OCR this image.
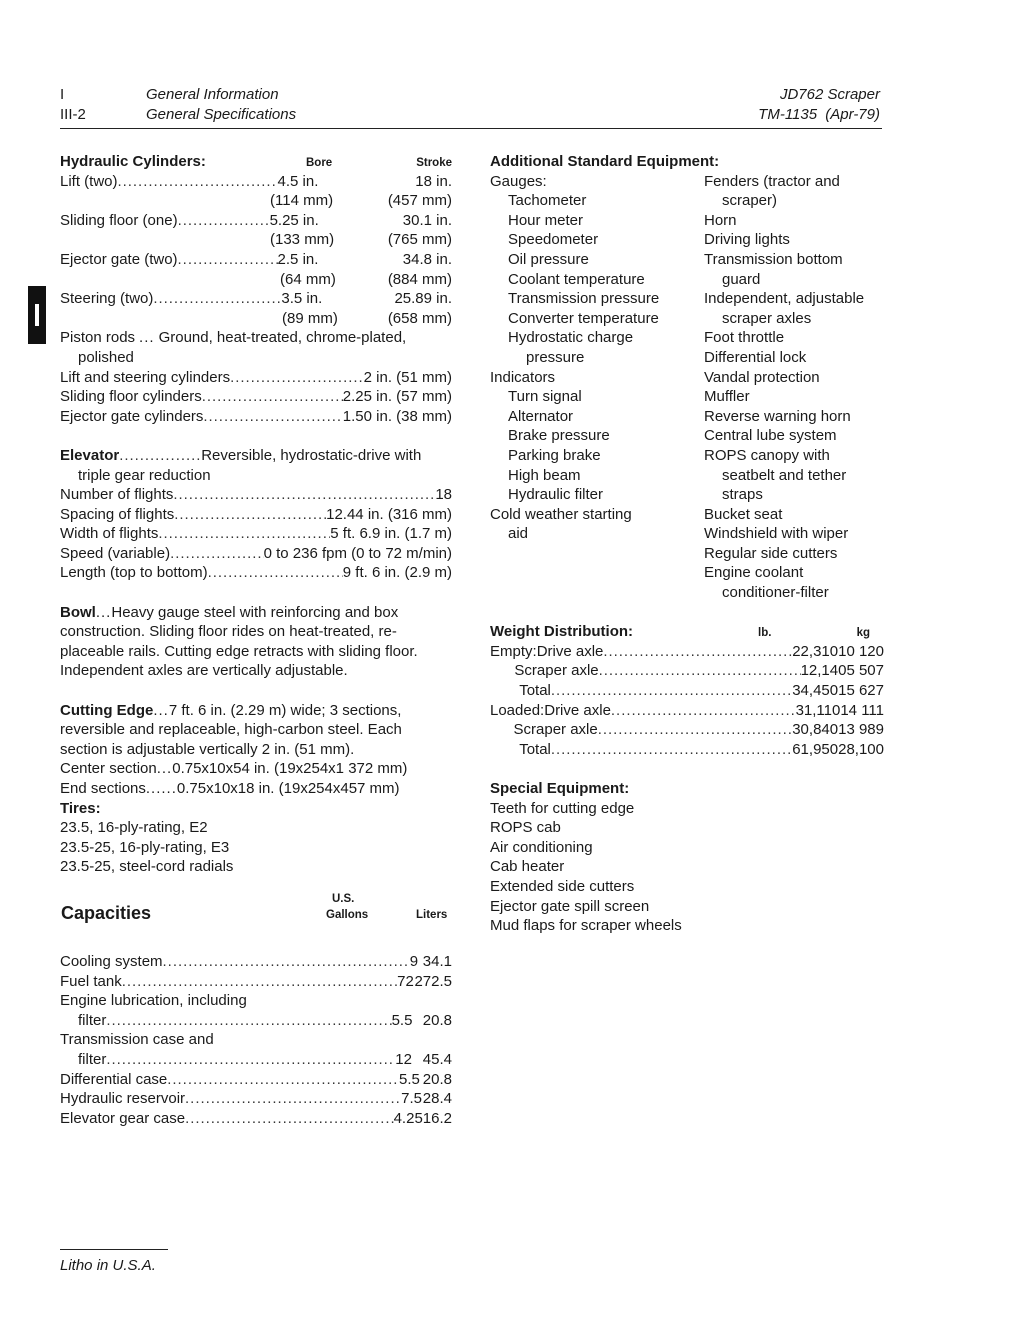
I	General Information
III-2	General Specifications
JD762 Scraper
TM-1135 (Apr-79)
Hydraulic Cylinders:	Bore	Stroke
Lift (two) . . .	4.5 in.	18 in.
(114 mm)	(457 mm)
Sliding floor (one) . . .	5.25 in.	30.1 in.
(133 mm)	(765 mm)
Ejector gate (two) . . .	2.5 in.	34.8 in.
(64 mm)	(884 mm)
Steering (two) . . .	3.5 in.	25.89 in.
(89 mm)	(658 mm)
Piston rods ... Ground, heat-treated, chrome-plated,
polished
Lift and steering cylinders . . .	2 in. (51 mm)
Sliding floor cylinders . . .	2.25 in. (57 mm)
Ejector gate cylinders . . .	1.50 in. (38 mm)
Elevator . . .	Reversible, hydrostatic-drive with
triple gear reduction
Number of flights . . .	18
Spacing of flights . . .	12.44 in. (316 mm)
Width of flights . . .	5 ft. 6.9 in. (1.7 m)
Speed (variable) . . .	0 to 236 fpm (0 to 72 m/min)
Length (top to bottom) . . .	9 ft. 6 in. (2.9 m)
Bowl ... Heavy gauge steel with reinforcing and box
construction. Sliding floor rides on heat-treated, re-
placeable rails. Cutting edge retracts with sliding floor.
Independent axles are vertically adjustable.
Cutting Edge ... 7 ft. 6 in. (2.29 m) wide; 3 sections,
reversible and replaceable, high-carbon steel. Each
section is adjustable vertically 2 in. (51 mm).
Center section ... 0.75x10x54 in. (19x254x1 372 mm)
End sections ...... 0.75x10x18 in. (19x254x457 mm)
Tires:
23.5, 16-ply-rating, E2
23.5-25, 16-ply-rating, E3
23.5-25, steel-cord radials
Capacities
U.S.
Gallons	Liters
Cooling system . . .	9 34.1
Fuel tank . . .	72 272.5
Engine lubrication, including
filter . . .	5.5 20.8
Transmission case and
filter . . .	12 45.4
Differential case . . .	5.5 20.8
Hydraulic reservoir . . .	7.5 28.4
Elevator gear case . . .	4.25 16.2
Additional Standard Equipment:
Gauges:
Tachometer
Hour meter
Speedometer
Oil pressure
Coolant temperature
Transmission pressure
Converter temperature
Hydrostatic charge
pressure
Indicators
Turn signal
Alternator
Brake pressure
Parking brake
High beam
Hydraulic filter
Cold weather starting
aid
Fenders (tractor and
scraper)
Horn
Driving lights
Transmission bottom
guard
Independent, adjustable
scraper axles
Foot throttle
Differential lock
Vandal protection
Muffler
Reverse warning horn
Central lube system
ROPS canopy with
seatbelt and tether
straps
Bucket seat
Windshield with wiper
Regular side cutters
Engine coolant
conditioner-filter
Weight Distribution:	lb.	kg
Empty: Drive axle . . .	22,310 10 120
Scraper axle . . .	12,140 5 507
Total . . .	34,450 15 627
Loaded: Drive axle . . .	31,110 14 111
Scraper axle . . .	30,840 13 989
Total . . .	61,950 28,100
Special Equipment:
Teeth for cutting edge
ROPS cab
Air conditioning
Cab heater
Extended side cutters
Ejector gate spill screen
Mud flaps for scraper wheels
Litho in U.S.A.
